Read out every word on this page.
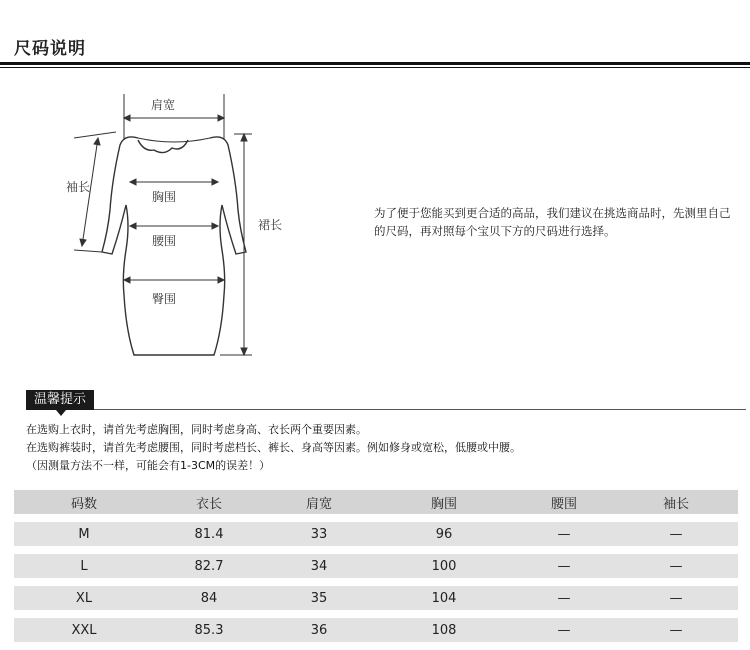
尺码说明
肩宽
袖长
胸围
腰围
臀围
裙长
为了便于您能买到更合适的高品，我们建议在挑选商品时，先测里自己的尺码，再对照每个宝贝下方的尺码进行选择。
温馨提示
在选购上衣时，请首先考虑胸围，同时考虑身高、衣长两个重要因素。
在选购裤装时，请首先考虑腰围，同时考虑档长、裤长、身高等因素。例如修身或宽松，低腰或中腰。
（因测量方法不一样，可能会有1-3CM的误差！）
码数	衣长	肩宽	胸围	腰围	袖长
M	81.4	33	96	—	—
L	82.7	34	100	—	—
XL	84	35	104	—	—
XXL	85.3	36	108	—	—
